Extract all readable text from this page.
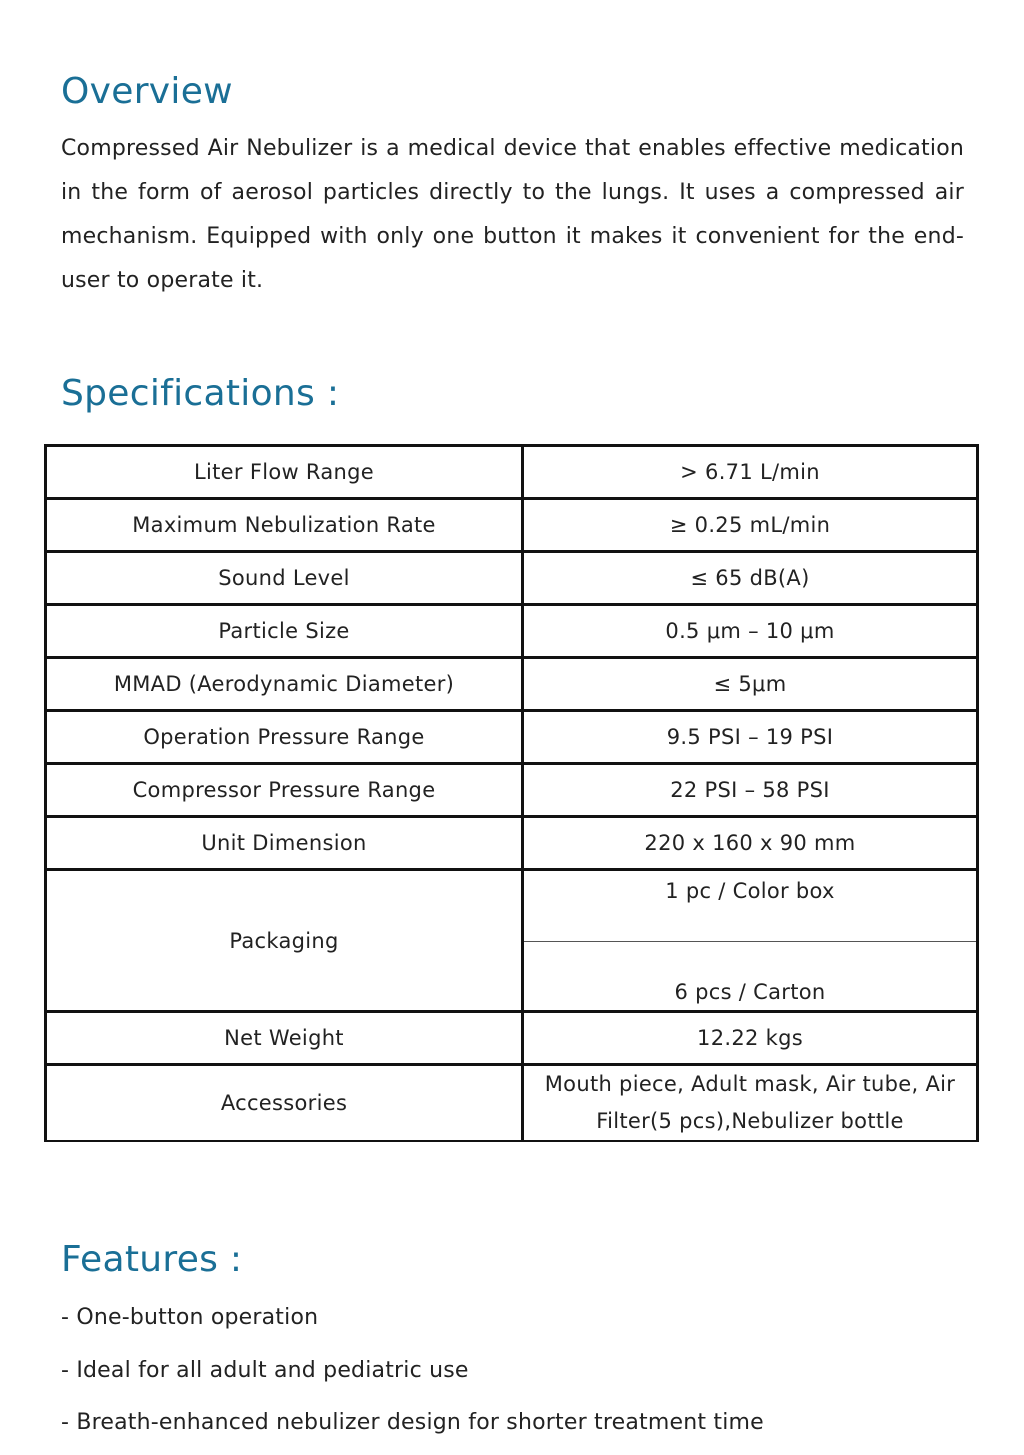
Overview

Compressed Air Nebulizer is a medical device that enables effective medication in the form of aerosol particles directly to the lungs. It uses a compressed air mechanism. Equipped with only one button it makes it convenient for the end-user to operate it.

Specifications :
Liter Flow Range	> 6.71 L/min
Maximum Nebulization Rate	≥ 0.25 mL/min
Sound Level	≤ 65 dB(A)
Particle Size	0.5 μm – 10 μm
MMAD (Aerodynamic Diameter)	≤ 5μm
Operation Pressure Range	9.5 PSI – 19 PSI
Compressor Pressure Range	22 PSI – 58 PSI
Unit Dimension	220 x 160 x 90 mm
Packaging	1 pc / Color box
	6 pcs / Carton
Net Weight	12.22 kgs
Accessories	Mouth piece, Adult mask, Air tube, Air
Filter(5 pcs),Nebulizer bottle
Features :
- One-button operation
- Ideal for all adult and pediatric use
- Breath-enhanced nebulizer design for shorter treatment time
